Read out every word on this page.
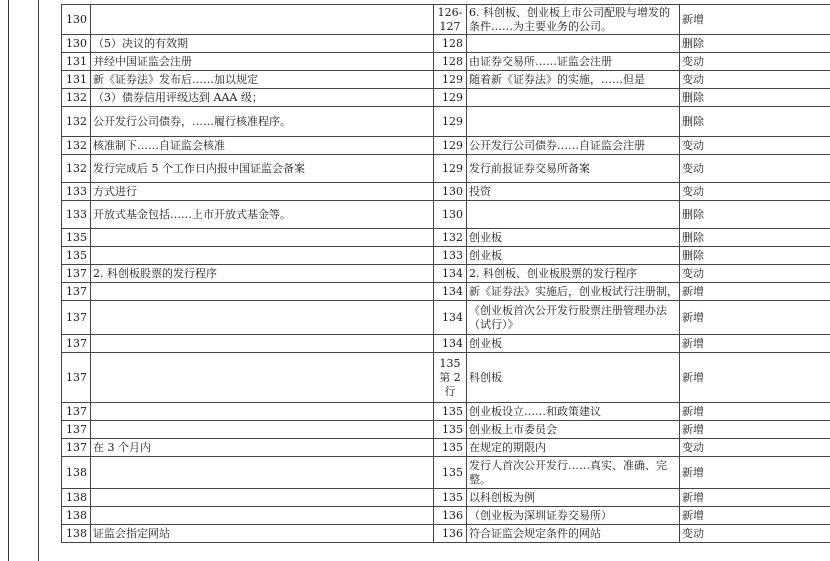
130		126-127	6. 科创板、创业板上市公司配股与增发的条件……为主要业务的公司。	新增
130	（5）决议的有效期	128		删除
131	并经中国证监会注册	128	由证券交易所……证监会注册	变动
131	新《证券法》发布后……加以规定	129	随着新《证券法》的实施，……但是	变动
132	（3）债券信用评级达到 AAA 级；	129		删除
132	公开发行公司债券，……履行核准程序。	129		删除
132	核准制下……自证监会核准	129	公开发行公司债券……自证监会注册	变动
132	发行完成后 5 个工作日内报中国证监会备案	129	发行前报证券交易所备案	变动
133	方式进行	130	投资	变动
133	开放式基金包括……上市开放式基金等。	130		删除
135		132	创业板	删除
135		133	创业板	删除
137	2. 科创板股票的发行程序	134	2. 科创板、创业板股票的发行程序	变动
137		134	新《证券法》实施后，创业板试行注册制，	新增
137		134	《创业板首次公开发行股票注册管理办法（试行）》	新增
137		134	创业板	新增
137		135 第 2 行	科创板	新增
137		135	创业板设立……和政策建议	新增
137		135	创业板上市委员会	新增
137	在 3 个月内	135	在规定的期限内	变动
138		135	发行人首次公开发行……真实、准确、完整。	新增
138		135	以科创板为例	新增
138		136	（创业板为深圳证券交易所）	新增
138	证监会指定网站	136	符合证监会规定条件的网站	变动
